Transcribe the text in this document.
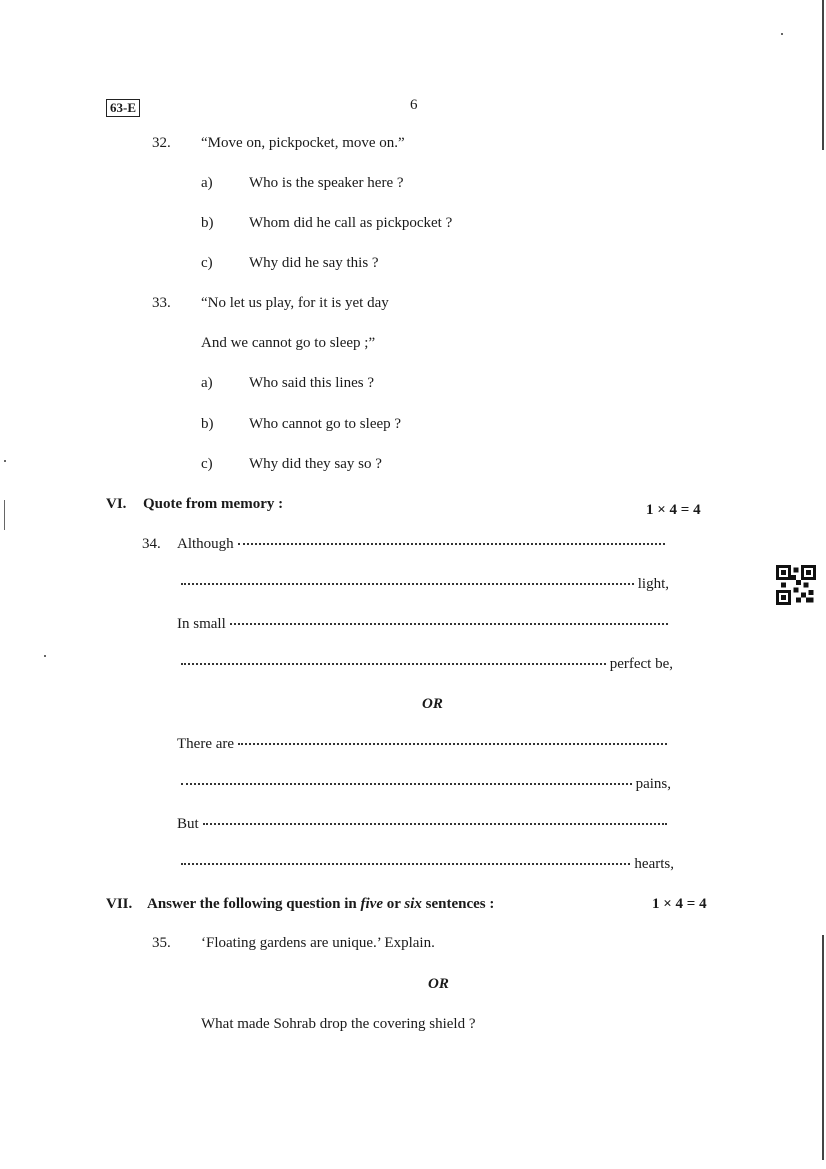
63-E	6
32. “Move on, pickpocket, move on.”
a) Who is the speaker here ?
b) Whom did he call as pickpocket ?
c) Why did he say this ?
33. “No let us play, for it is yet day
And we cannot go to sleep ;”
a) Who said this lines ?
b) Who cannot go to sleep ?
c) Why did they say so ?
VI. Quote from memory :	1 × 4 = 4
34. Although
light,
In small
perfect be,
OR
There are
pains,
But
hearts,
VII. Answer the following question in five or six sentences :	1 × 4 = 4
35. ‘Floating gardens are unique.’ Explain.
OR
What made Sohrab drop the covering shield ?
